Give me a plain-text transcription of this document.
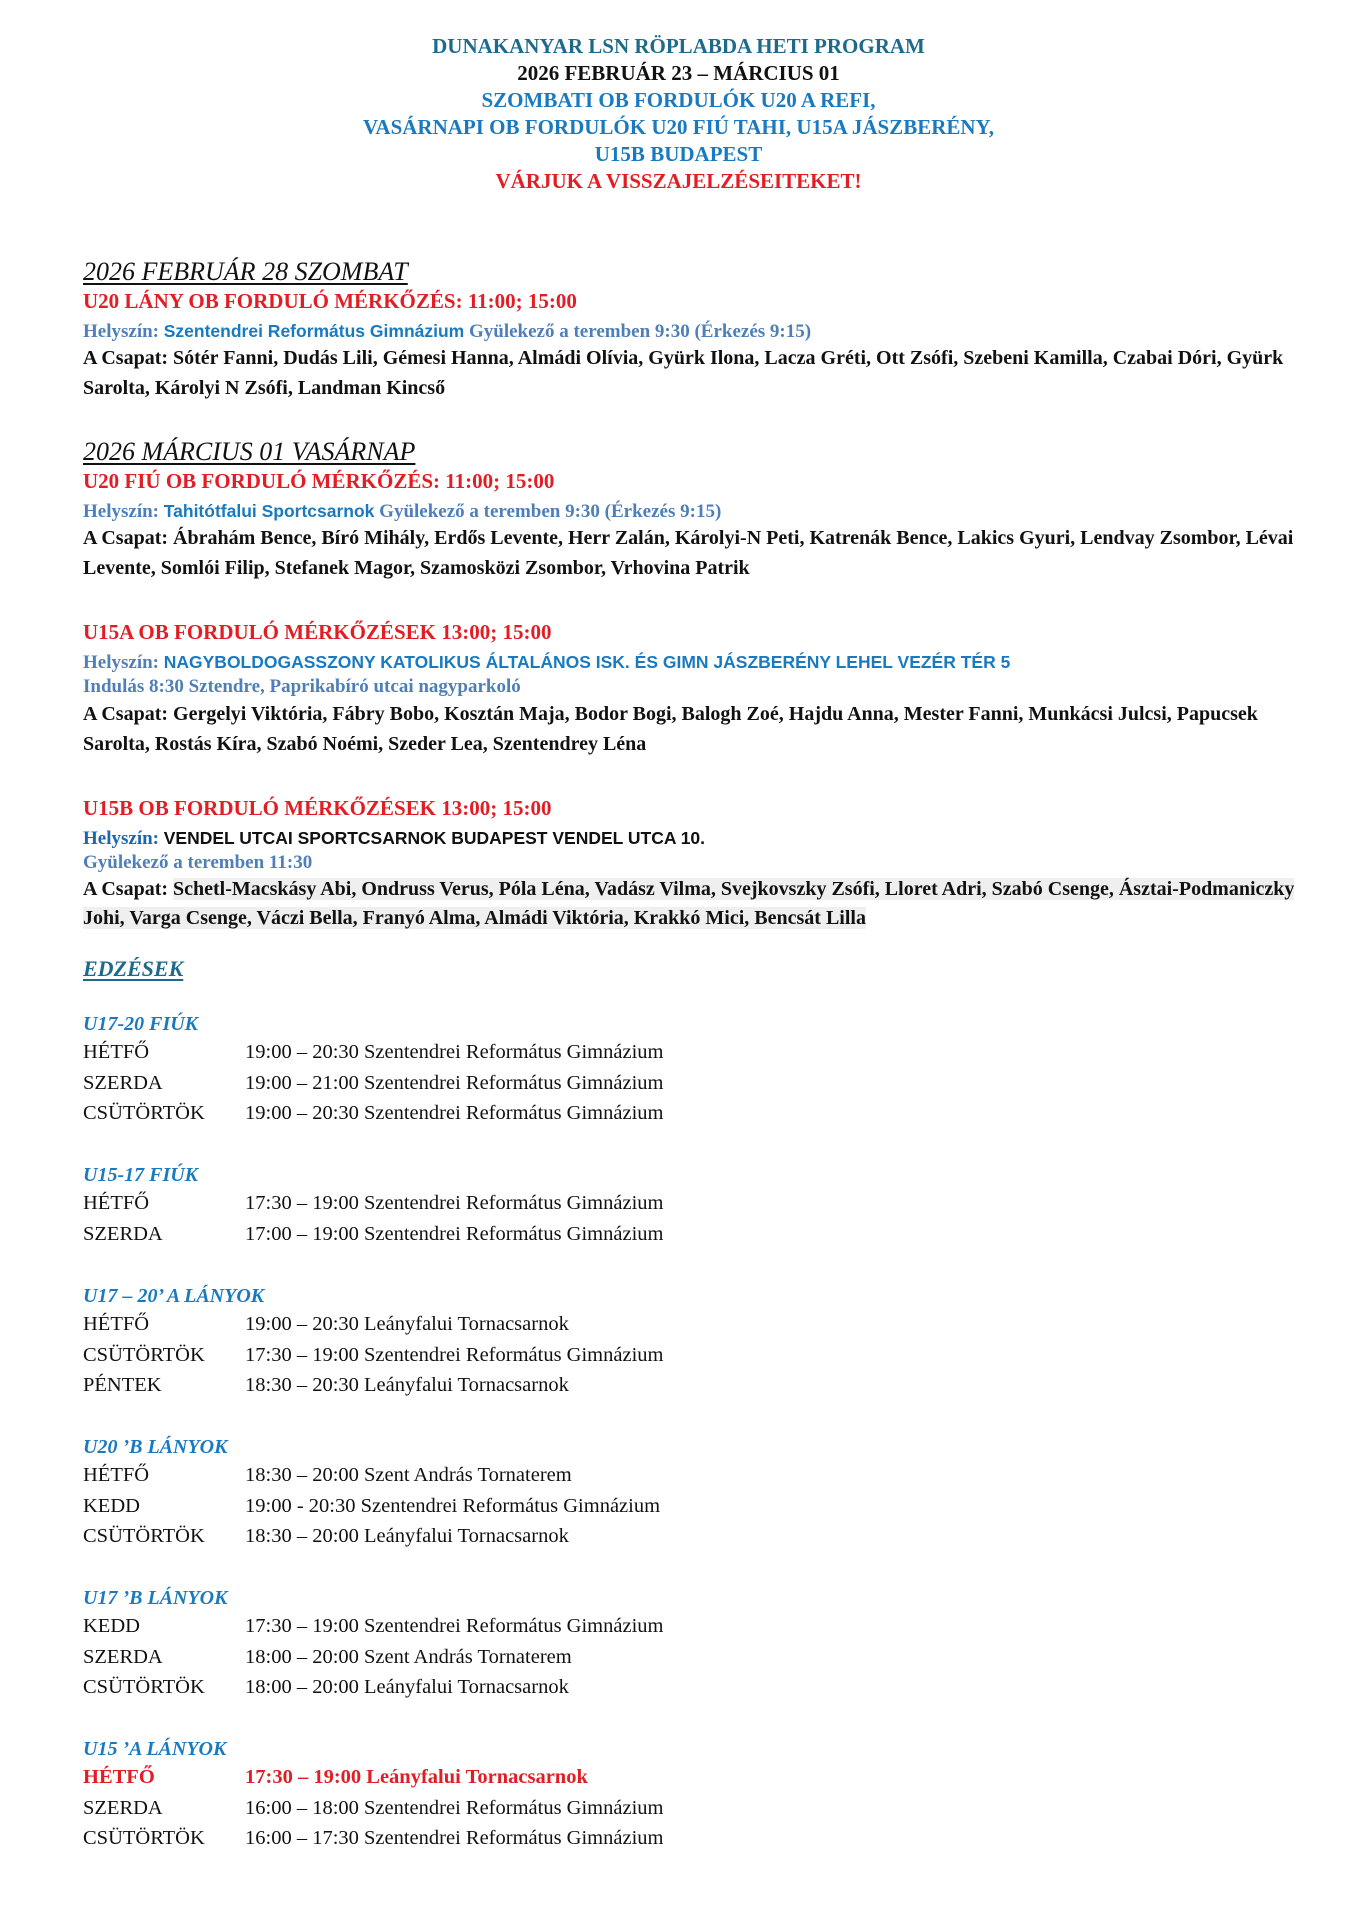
DUNAKANYAR LSN RÖPLABDA HETI PROGRAM
2026 FEBRUÁR 23 – MÁRCIUS 01
SZOMBATI OB FORDULÓK U20 A REFI,
VASÁRNAPI OB FORDULÓK U20 FIÚ TAHI, U15A JÁSZBERÉNY,
U15B BUDAPEST
VÁRJUK A VISSZAJELZÉSEITEKET!
2026 FEBRUÁR 28 SZOMBAT
U20 LÁNY OB FORDULÓ MÉRKŐZÉS: 11:00; 15:00
Helyszín: Szentendrei Református Gimnázium Gyülekező a teremben 9:30 (Érkezés 9:15)
A Csapat: Sótér Fanni, Dudás Lili, Gémesi Hanna, Almádi Olívia, Gyürk Ilona, Lacza Gréti, Ott Zsófi, Szebeni Kamilla, Czabai Dóri, Gyürk Sarolta, Károlyi N Zsófi, Landman Kincső
2026 MÁRCIUS 01 VASÁRNAP
U20 FIÚ OB FORDULÓ MÉRKŐZÉS: 11:00; 15:00
Helyszín: Tahitótfalui Sportcsarnok Gyülekező a teremben 9:30 (Érkezés 9:15)
A Csapat: Ábrahám Bence, Bíró Mihály, Erdős Levente, Herr Zalán, Károlyi-N Peti, Katrenák Bence, Lakics Gyuri, Lendvay Zsombor, Lévai Levente, Somlói Filip, Stefanek Magor, Szamosközi Zsombor, Vrhovina Patrik
U15A OB FORDULÓ MÉRKŐZÉSEK 13:00; 15:00
Helyszín: NAGYBOLDOGASSZONY KATOLIKUS ÁLTALÁNOS ISK. ÉS GIMN JÁSZBERÉNY LEHEL VEZÉR TÉR 5
Indulás 8:30 Sztendre, Paprikabíró utcai nagyparkoló
A Csapat: Gergelyi Viktória, Fábry Bobo, Kosztán Maja, Bodor Bogi, Balogh Zoé, Hajdu Anna, Mester Fanni, Munkácsi Julcsi, Papucsek Sarolta, Rostás Kíra, Szabó Noémi, Szeder Lea, Szentendrey Léna
U15B OB FORDULÓ MÉRKŐZÉSEK 13:00; 15:00
Helyszín: VENDEL UTCAI SPORTCSARNOK BUDAPEST VENDEL UTCA 10.
Gyülekező a teremben 11:30
A Csapat: Schetl-Macskásy Abi, Ondruss Verus, Póla Léna, Vadász Vilma, Svejkovszky Zsófi, Lloret Adri, Szabó Csenge, Ásztai-Podmaniczky Johi, Varga Csenge, Váczi Bella, Franyó Alma, Almádi Viktória, Krakkó Mici, Bencsát Lilla
EDZÉSEK
U17-20 FIÚK
HÉTFŐ	19:00 – 20:30 Szentendrei Református Gimnázium
SZERDA	19:00 – 21:00 Szentendrei Református Gimnázium
CSÜTÖRTÖK 19:00 – 20:30 Szentendrei Református Gimnázium
U15-17 FIÚK
HÉTFŐ	17:30 – 19:00 Szentendrei Református Gimnázium
SZERDA	17:00 – 19:00 Szentendrei Református Gimnázium
U17 – 20’ A LÁNYOK
HÉTFŐ	19:00 – 20:30 Leányfalui Tornacsarnok
CSÜTÖRTÖK 17:30 – 19:00 Szentendrei Református Gimnázium
PÉNTEK	18:30 – 20:30 Leányfalui Tornacsarnok
U20 ’B LÁNYOK
HÉTFŐ	18:30 – 20:00 Szent András Tornaterem
KEDD	19:00 - 20:30 Szentendrei Református Gimnázium
CSÜTÖRTÖK 18:30 – 20:00 Leányfalui Tornacsarnok
U17 ’B LÁNYOK
KEDD	17:30 – 19:00 Szentendrei Református Gimnázium
SZERDA	18:00 – 20:00 Szent András Tornaterem
CSÜTÖRTÖK 18:00 – 20:00 Leányfalui Tornacsarnok
U15 ’A LÁNYOK
HÉTFŐ	17:30 – 19:00 Leányfalui Tornacsarnok
SZERDA	16:00 – 18:00 Szentendrei Református Gimnázium
CSÜTÖRTÖK 16:00 – 17:30 Szentendrei Református Gimnázium
